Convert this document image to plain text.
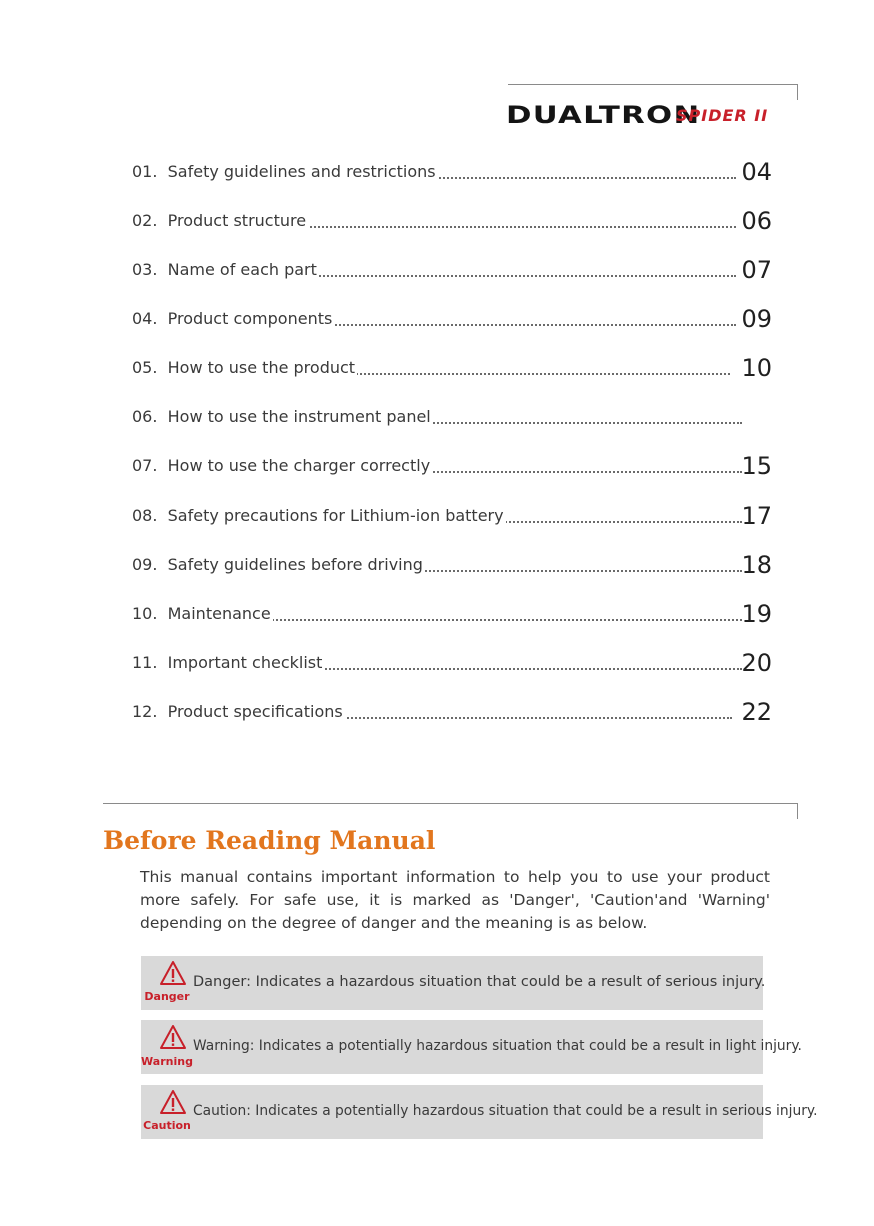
DUALTRON
SPIDER II
01. Safety guidelines and restrictions	04
02. Product structure	06
03. Name of each part	07
04. Product components	09
05. How to use the product	10
06. How to use the instrument panel
07. How to use the charger correctly	15
08. Safety precautions for Lithium-ion battery	17
09. Safety guidelines before driving	18
10. Maintenance	19
11. Important checklist	20
12. Product specifications	22
Before Reading Manual
This manual contains important information to help you to use your product more safely. For safe use, it is marked as 'Danger', 'Caution'and 'Warning' depending on the degree of danger and the meaning is as below.
Danger
Danger: Indicates a hazardous situation that could be a result of serious injury.
Warning
Warning: Indicates a potentially hazardous situation that could be a result in light injury.
Caution
Caution: Indicates a potentially hazardous situation that could be a result in serious injury.
